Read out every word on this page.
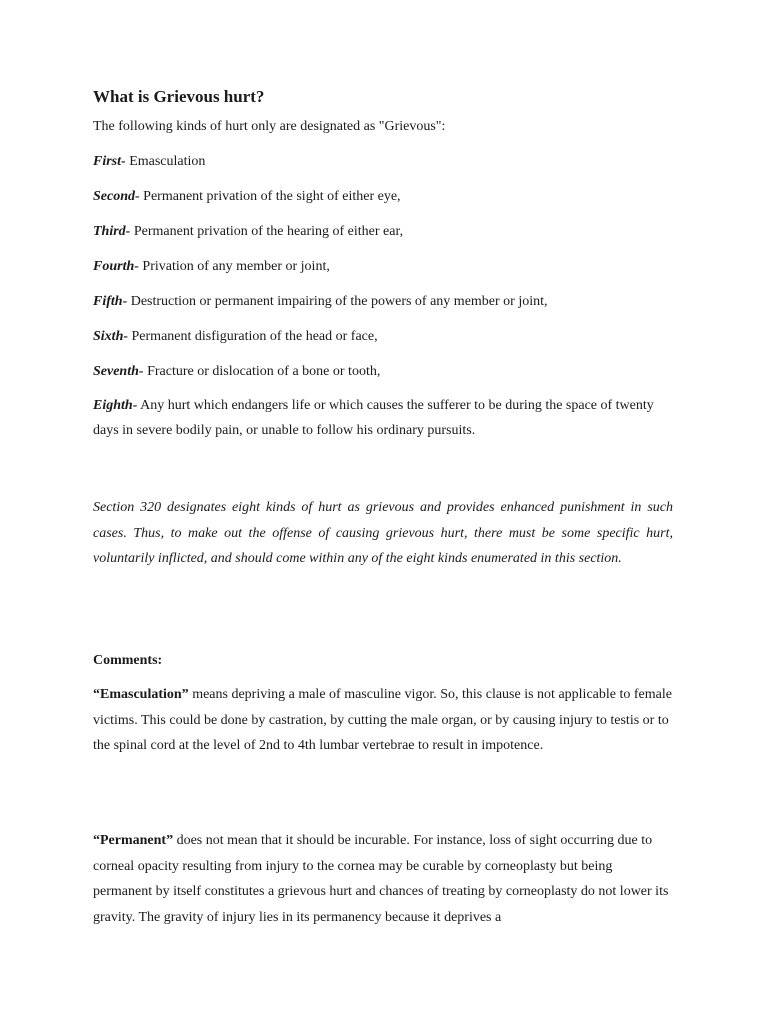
What is Grievous hurt?

The following kinds of hurt only are designated as "Grievous":

First- Emasculation

Second- Permanent privation of the sight of either eye,

Third- Permanent privation of the hearing of either ear,

Fourth- Privation of any member or joint,

Fifth- Destruction or permanent impairing of the powers of any member or joint,

Sixth- Permanent disfiguration of the head or face,

Seventh- Fracture or dislocation of a bone or tooth,

Eighth- Any hurt which endangers life or which causes the sufferer to be during the space of twenty days in severe bodily pain, or unable to follow his ordinary pursuits.

Section 320 designates eight kinds of hurt as grievous and provides enhanced punishment in such cases. Thus, to make out the offense of causing grievous hurt, there must be some specific hurt, voluntarily inflicted, and should come within any of the eight kinds enumerated in this section.

Comments:

“Emasculation” means depriving a male of masculine vigor. So, this clause is not applicable to female victims. This could be done by castration, by cutting the male organ, or by causing injury to testis or to the spinal cord at the level of 2nd to 4th lumbar vertebrae to result in impotence.

“Permanent” does not mean that it should be incurable. For instance, loss of sight occurring due to corneal opacity resulting from injury to the cornea may be curable by corneoplasty but being permanent by itself constitutes a grievous hurt and chances of treating by corneoplasty do not lower its gravity. The gravity of injury lies in its permanency because it deprives a
